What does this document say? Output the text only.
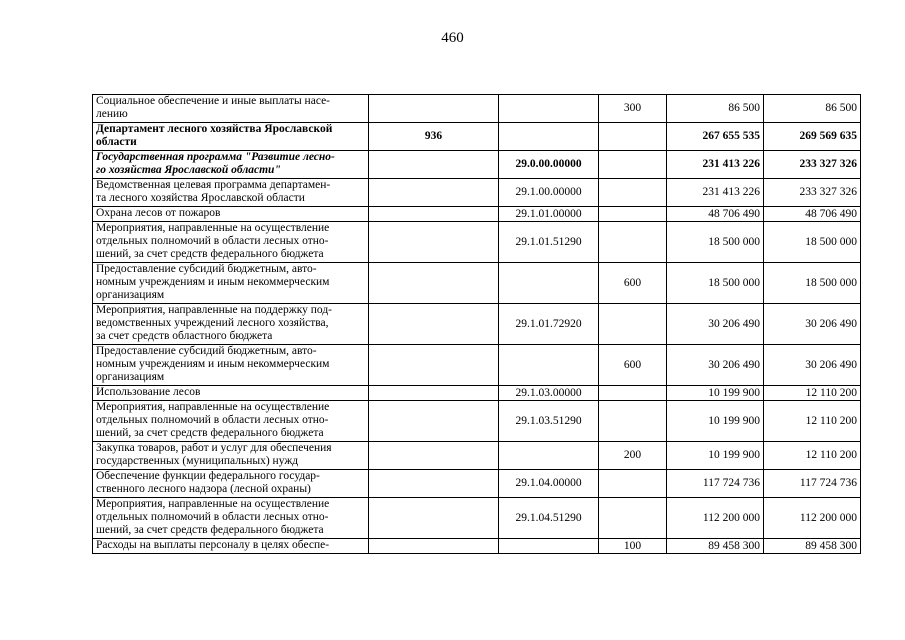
460
Социальное обеспечение и иные выплаты насе-
лению			300	86 500	86 500
Департамент лесного хозяйства Ярославской
области	936			267 655 535	269 569 635
Государственная программа "Развитие лесно-
го хозяйства Ярославской области"		29.0.00.00000		231 413 226	233 327 326
Ведомственная целевая программа департамен-
та лесного хозяйства Ярославской области		29.1.00.00000		231 413 226	233 327 326
Охрана лесов от пожаров		29.1.01.00000		48 706 490	48 706 490
Мероприятия, направленные на осуществление
отдельных полномочий в области лесных отно-
шений, за счет средств федерального бюджета		29.1.01.51290		18 500 000	18 500 000
Предоставление субсидий бюджетным, авто-
номным учреждениям и иным некоммерческим
организациям			600	18 500 000	18 500 000
Мероприятия, направленные на поддержку под-
ведомственных учреждений лесного хозяйства,
за счет средств областного бюджета		29.1.01.72920		30 206 490	30 206 490
Предоставление субсидий бюджетным, авто-
номным учреждениям и иным некоммерческим
организациям			600	30 206 490	30 206 490
Использование лесов		29.1.03.00000		10 199 900	12 110 200
Мероприятия, направленные на осуществление
отдельных полномочий в области лесных отно-
шений, за счет средств федерального бюджета		29.1.03.51290		10 199 900	12 110 200
Закупка товаров, работ и услуг для обеспечения
государственных (муниципальных) нужд			200	10 199 900	12 110 200
Обеспечение функции федерального государ-
ственного лесного надзора (лесной охраны)		29.1.04.00000		117 724 736	117 724 736
Мероприятия, направленные на осуществление
отдельных полномочий в области лесных отно-
шений, за счет средств федерального бюджета		29.1.04.51290		112 200 000	112 200 000
Расходы на выплаты персоналу в целях обеспе-			100	89 458 300	89 458 300
